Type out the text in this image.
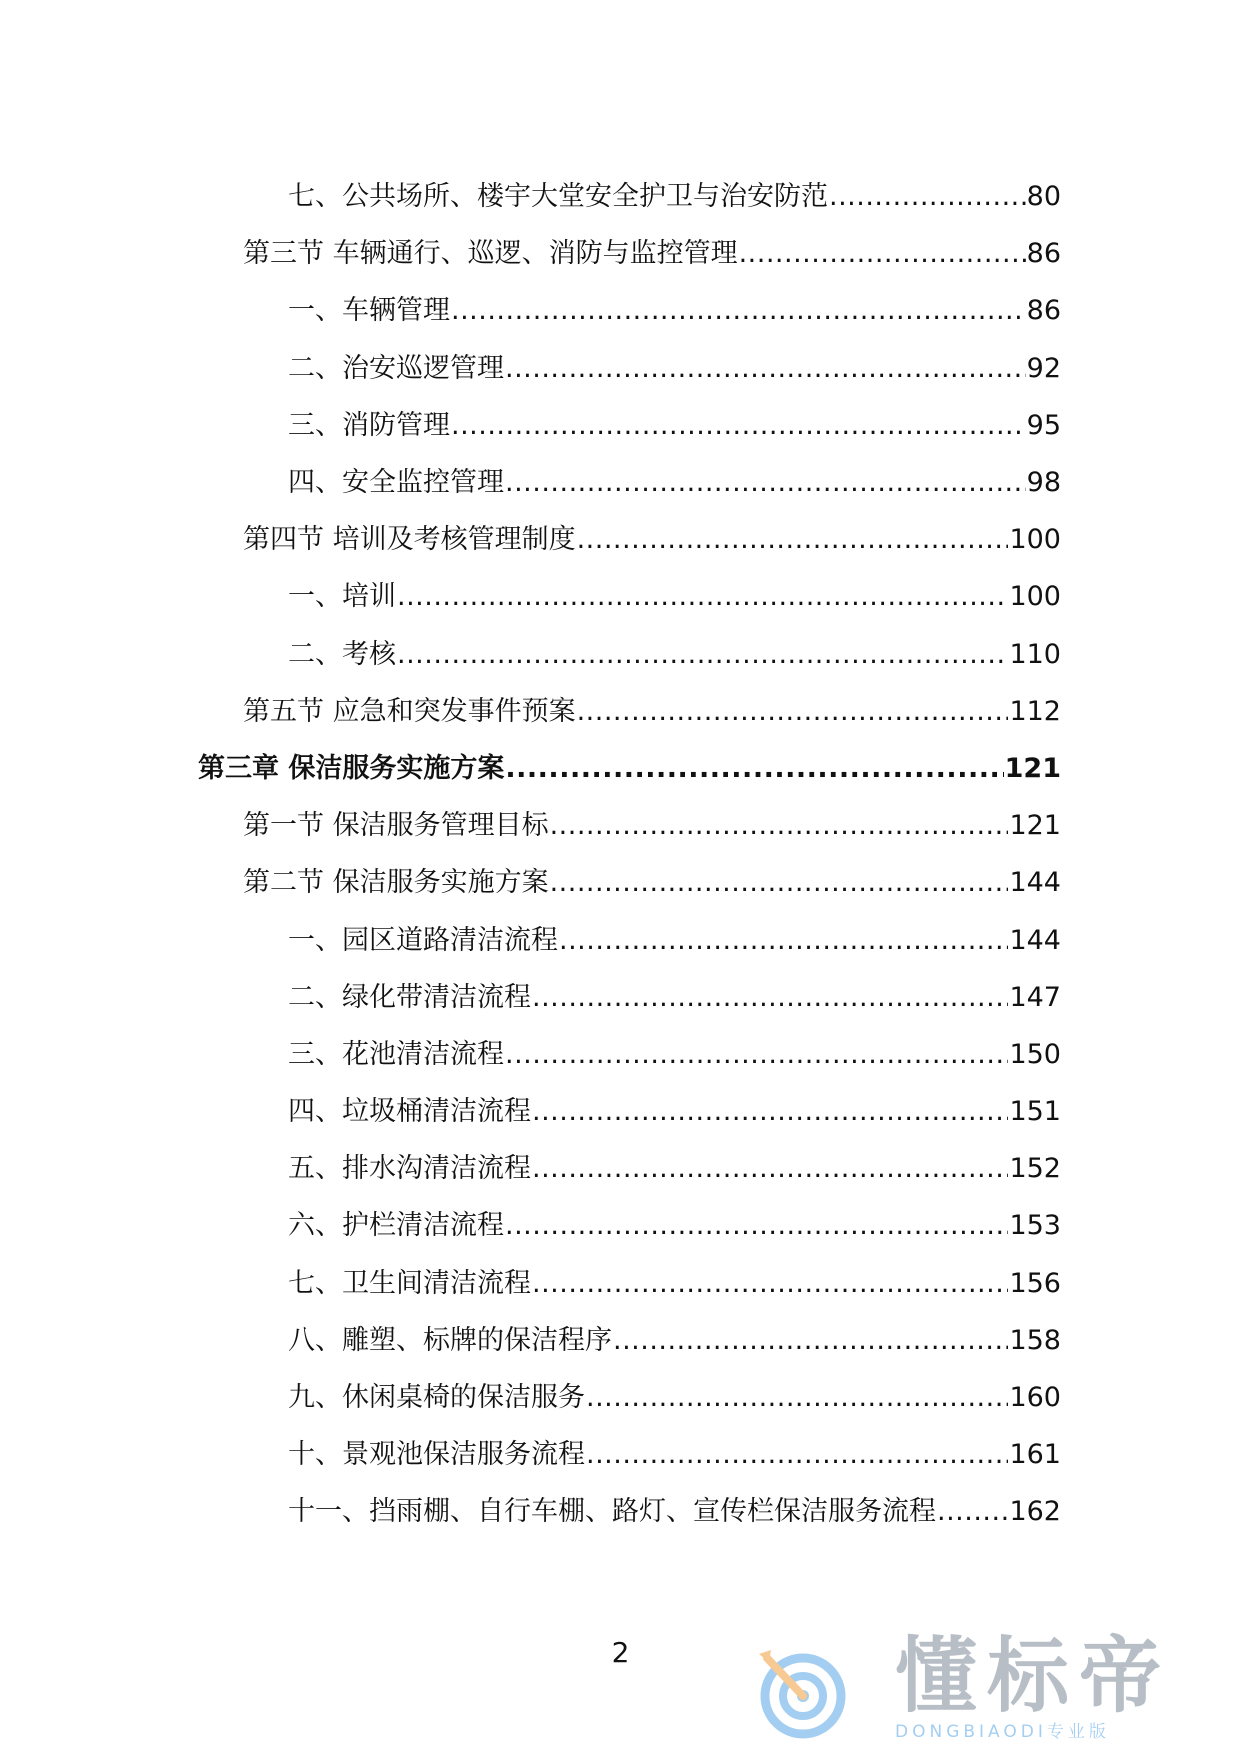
七、公共场所、楼宇大堂安全护卫与治安防范 .....	80
第三节 车辆通行、巡逻、消防与监控管理 .....	86
一、车辆管理 .....	86
二、治安巡逻管理 .....	92
三、消防管理 .....	95
四、安全监控管理 .....	98
第四节 培训及考核管理制度 .....	100
一、培训 .....	100
二、考核 .....	110
第五节 应急和突发事件预案 .....	112
第三章 保洁服务实施方案 .....	121
第一节 保洁服务管理目标 .....	121
第二节 保洁服务实施方案 .....	144
一、园区道路清洁流程 .....	144
二、绿化带清洁流程 .....	147
三、花池清洁流程 .....	150
四、垃圾桶清洁流程 .....	151
五、排水沟清洁流程 .....	152
六、护栏清洁流程 .....	153
七、卫生间清洁流程 .....	156
八、雕塑、标牌的保洁程序 .....	158
九、休闲桌椅的保洁服务 .....	160
十、景观池保洁服务流程 .....	161
十一、挡雨棚、自行车棚、路灯、宣传栏保洁服务流程 .....	162
2	懂标帝
DONGBIAODI专业版
